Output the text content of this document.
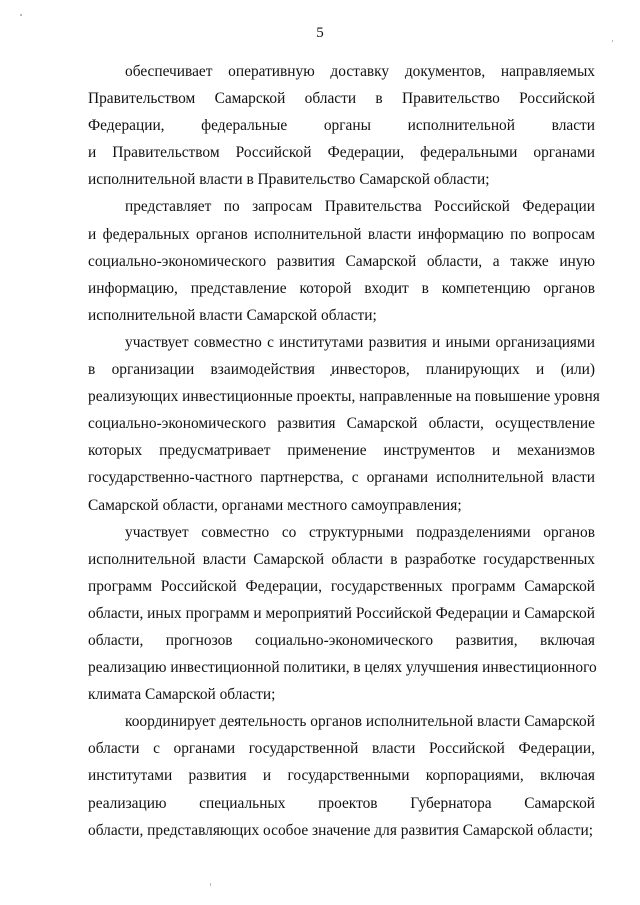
5

обеспечивает оперативную доставку документов, направляемых
Правительством Самарской области в Правительство Российской
Федерации, федеральные органы исполнительной власти
и Правительством Российской Федерации, федеральными органами
исполнительной власти в Правительство Самарской области;

представляет по запросам Правительства Российской Федерации
и федеральных органов исполнительной власти информацию по вопросам
социально-экономического развития Самарской области, а также иную
информацию, представление которой входит в компетенцию органов
исполнительной власти Самарской области;

участвует совместно с институтами развития и иными организациями
в организации взаимодействия инвесторов, планирующих и (или)
реализующих инвестиционные проекты, направленные на повышение уровня
социально-экономического развития Самарской области, осуществление
которых предусматривает применение инструментов и механизмов
государственно-частного партнерства, с органами исполнительной власти
Самарской области, органами местного самоуправления;

участвует совместно со структурными подразделениями органов
исполнительной власти Самарской области в разработке государственных
программ Российской Федерации, государственных программ Самарской
области, иных программ и мероприятий Российской Федерации и Самарской
области, прогнозов социально-экономического развития, включая
реализацию инвестиционной политики, в целях улучшения инвестиционного
климата Самарской области;

координирует деятельность органов исполнительной власти Самарской
области с органами государственной власти Российской Федерации,
институтами развития и государственными корпорациями, включая
реализацию специальных проектов Губернатора Самарской
области, представляющих особое значение для развития Самарской области;
